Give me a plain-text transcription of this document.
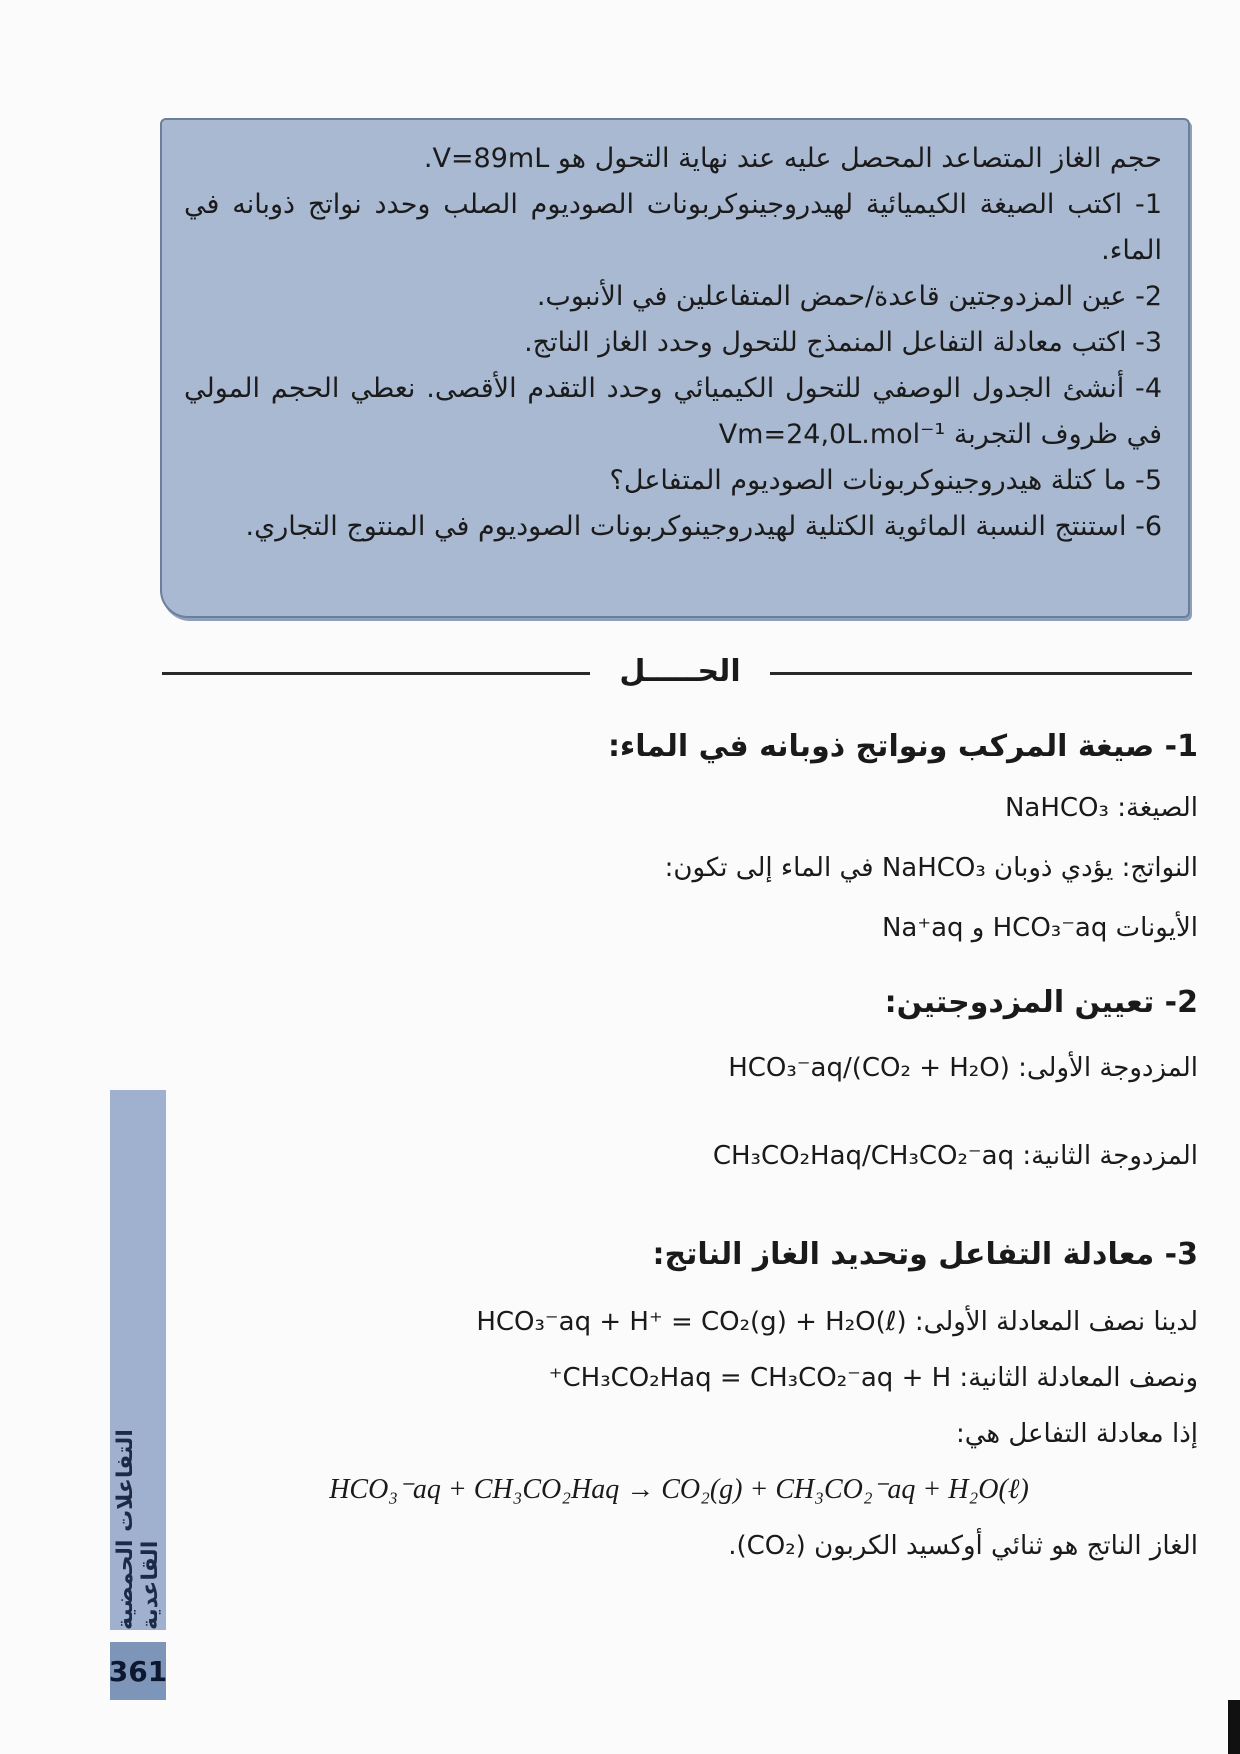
حجم الغاز المتصاعد المحصل عليه عند نهاية التحول هو V=89mL.

1- اكتب الصيغة الكيميائية لهيدروجينوكربونات الصوديوم الصلب وحدد نواتج ذوبانه في الماء.

2- عين المزدوجتين قاعدة/حمض المتفاعلين في الأنبوب.

3- اكتب معادلة التفاعل المنمذج للتحول وحدد الغاز الناتج.

4- أنشئ الجدول الوصفي للتحول الكيميائي وحدد التقدم الأقصى. نعطي الحجم المولي في ظروف التجربة Vm=24,0L.mol⁻¹

5- ما كتلة هيدروجينوكربونات الصوديوم المتفاعل؟

6- استنتج النسبة المائوية الكتلية لهيدروجينوكربونات الصوديوم في المنتوج التجاري.

الحـــــل
1- صيغة المركب ونواتج ذوبانه في الماء:
الصيغة: NaHCO₃
النواتج: يؤدي ذوبان NaHCO₃ في الماء إلى تكون:
الأيونات HCO₃⁻aq و Na⁺aq
2- تعيين المزدوجتين:
المزدوجة الأولى: (CO₂ + H₂O)/HCO₃⁻aq
المزدوجة الثانية: CH₃CO₂Haq/CH₃CO₂⁻aq
3- معادلة التفاعل وتحديد الغاز الناتج:
لدينا نصف المعادلة الأولى: HCO₃⁻aq + H⁺ = CO₂(g) + H₂O(ℓ)
ونصف المعادلة الثانية: CH₃CO₂Haq = CH₃CO₂⁻aq + H⁺
إذا معادلة التفاعل هي:
HCO₃⁻aq + CH₃CO₂Haq → CO₂(g) + CH₃CO₂⁻aq + H₂O(ℓ)
الغاز الناتج هو ثنائي أوكسيد الكربون (CO₂).
التفاعلات الحمضية القاعدية
361
